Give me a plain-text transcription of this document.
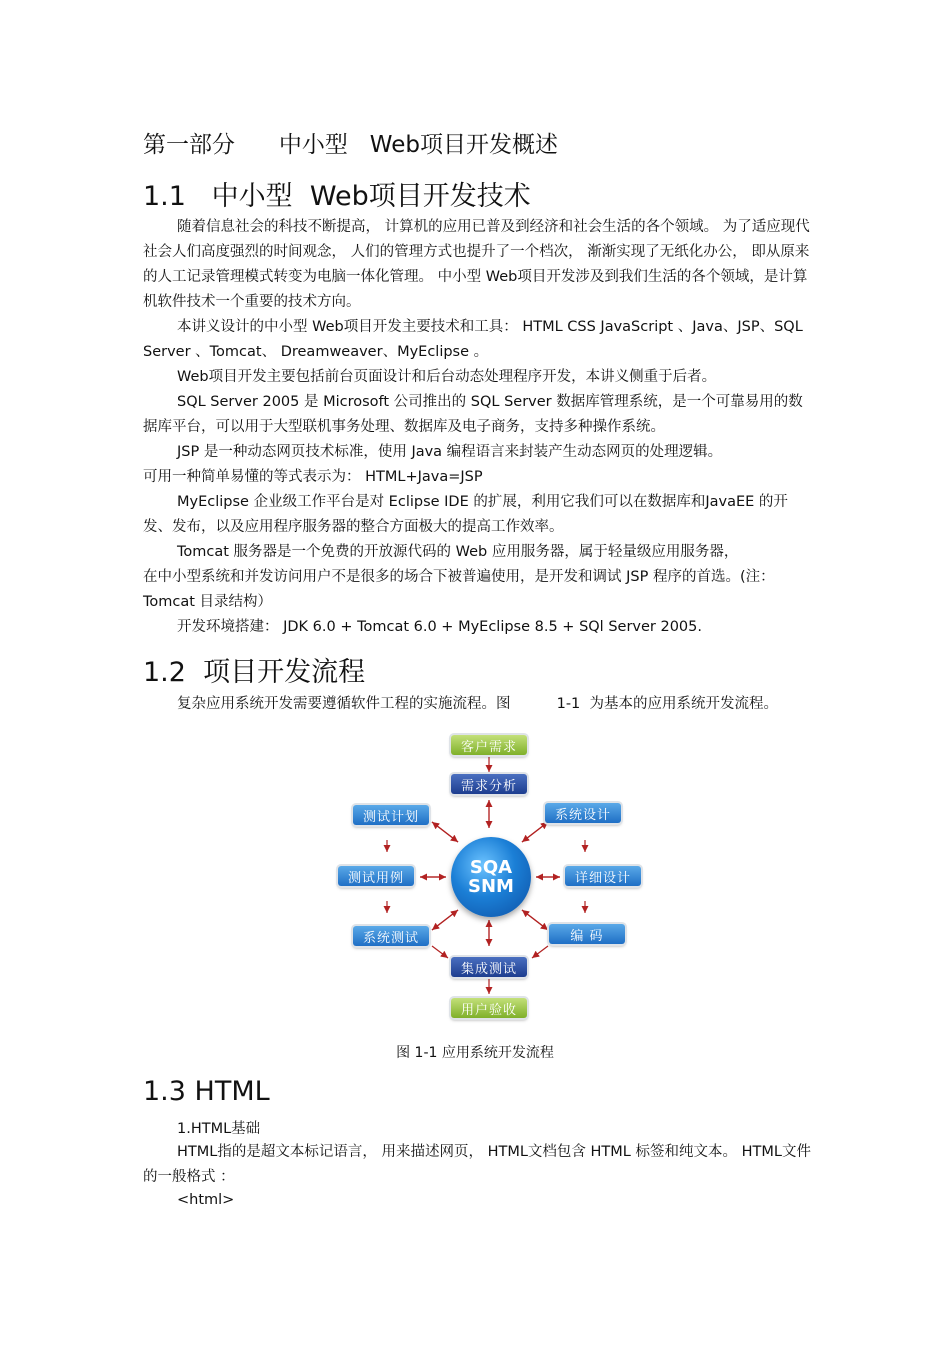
第一部分      中小型   Web项目开发概述
1.1   中小型  Web项目开发技术

随着信息社会的科技不断提高， 计算机的应用已普及到经济和社会生活的各个领域。 为了适应现代社会人们高度强烈的时间观念， 人们的管理方式也提升了一个档次， 渐渐实现了无纸化办公， 即从原来的人工记录管理模式转变为电脑一体化管理。 中小型 Web项目开发涉及到我们生活的各个领域，是计算机软件技术一个重要的技术方向。

本讲义设计的中小型 Web项目开发主要技术和工具： HTML CSS JavaScript 、Java、JSP、SQL Server 、Tomcat、 Dreamweaver、MyEclipse 。

Web项目开发主要包括前台页面设计和后台动态处理程序开发，本讲义侧重于后者。

SQL Server 2005 是 Microsoft 公司推出的 SQL Server 数据库管理系统，是一个可靠易用的数据库平台，可以用于大型联机事务处理、数据库及电子商务，支持多种操作系统。

JSP 是一种动态网页技术标准，使用 Java 编程语言来封装产生动态网页的处理逻辑。

可用一种简单易懂的等式表示为： HTML+Java=JSP

MyEclipse 企业级工作平台是对 Eclipse IDE 的扩展，利用它我们可以在数据库和JavaEE 的开发、发布，以及应用程序服务器的整合方面极大的提高工作效率。

Tomcat 服务器是一个免费的开放源代码的 Web 应用服务器，属于轻量级应用服务器，

在中小型系统和并发访问用户不是很多的场合下被普遍使用，是开发和调试 JSP 程序的首选。(注： Tomcat 目录结构）

开发环境搭建： JDK 6.0 + Tomcat 6.0 + MyEclipse 8.5 + SQl Server 2005.

1.2  项目开发流程
复杂应用系统开发需要遵循软件工程的实施流程。图          1-1  为基本的应用系统开发流程。
客户需求
需求分析
系统设计
详细设计
编 码
集成测试
用户验收
系统测试
测试用例
测试计划
SQA
SNM
图 1-1 应用系统开发流程
1.3 HTML
1.HTML基础

HTML指的是超文本标记语言， 用来描述网页， HTML文档包含 HTML 标签和纯文本。 HTML文件的一般格式 ：

<html>
